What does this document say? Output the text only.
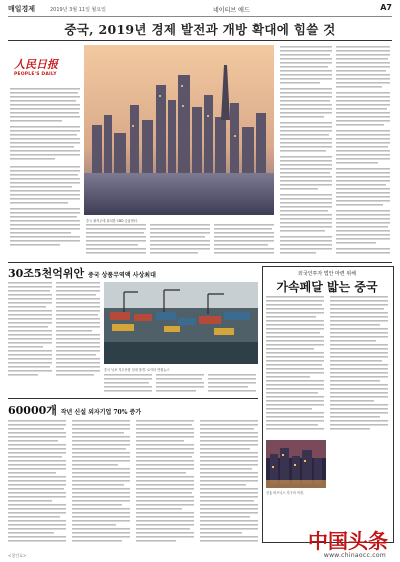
매일경제	2019년 3월 11일 월요일	네이티브 애드	A7
중국, 2019년 경제 발전과 개방 확대에 힘쓸 것
人民日报
PEOPLE'S DAILY
중국 광저우에 위치한 CBD 금융센터.
30조5천억위안 중국 상품무역액 사상최대
중국 닝보 저우산항 일대 풍경. 로이터 연합뉴스
60000개 작년 신설 외자기업 70% 증가
외국인투자 법안 마련 위해
가속페달 밟는 중국
신흥 비즈니스 지구의 야경.
中国头条
www.chinaocc.com
<창간호>
